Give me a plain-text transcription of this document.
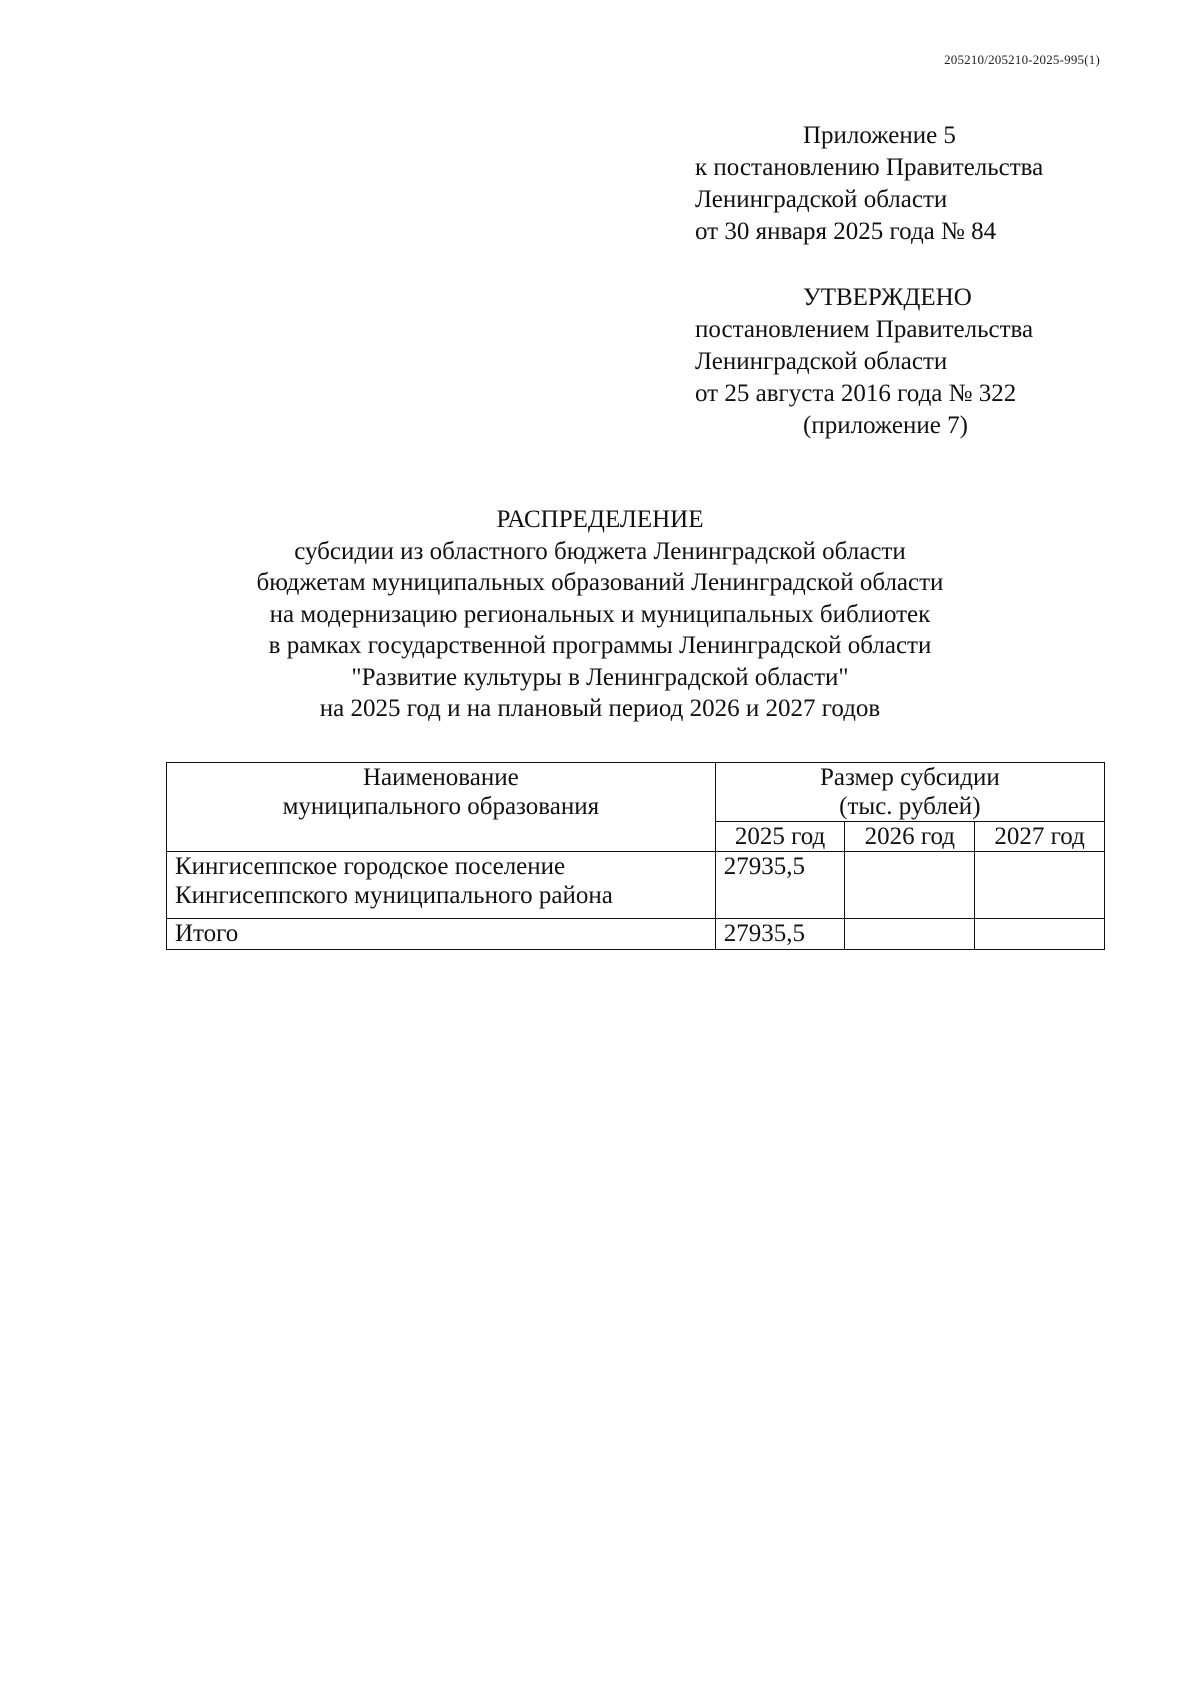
205210/205210-2025-995(1)
Приложение 5
к постановлению Правительства
Ленинградской области
от 30 января 2025 года № 84
УТВЕРЖДЕНО
постановлением Правительства
Ленинградской области
от 25 августа 2016 года № 322
(приложение 7)
РАСПРЕДЕЛЕНИЕ
субсидии из областного бюджета Ленинградской области
бюджетам муниципальных образований Ленинградской области
на модернизацию региональных и муниципальных библиотек
в рамках государственной программы Ленинградской области
"Развитие культуры в Ленинградской области"
на 2025 год и на плановый период 2026 и 2027 годов
Наименование
муниципального образования	Размер субсидии
(тыс. рублей)		
	2025 год	2026 год	2027 год
Кингисеппское городское поселение
Кингисеппского муниципального района	27935,5		
Итого	27935,5		
